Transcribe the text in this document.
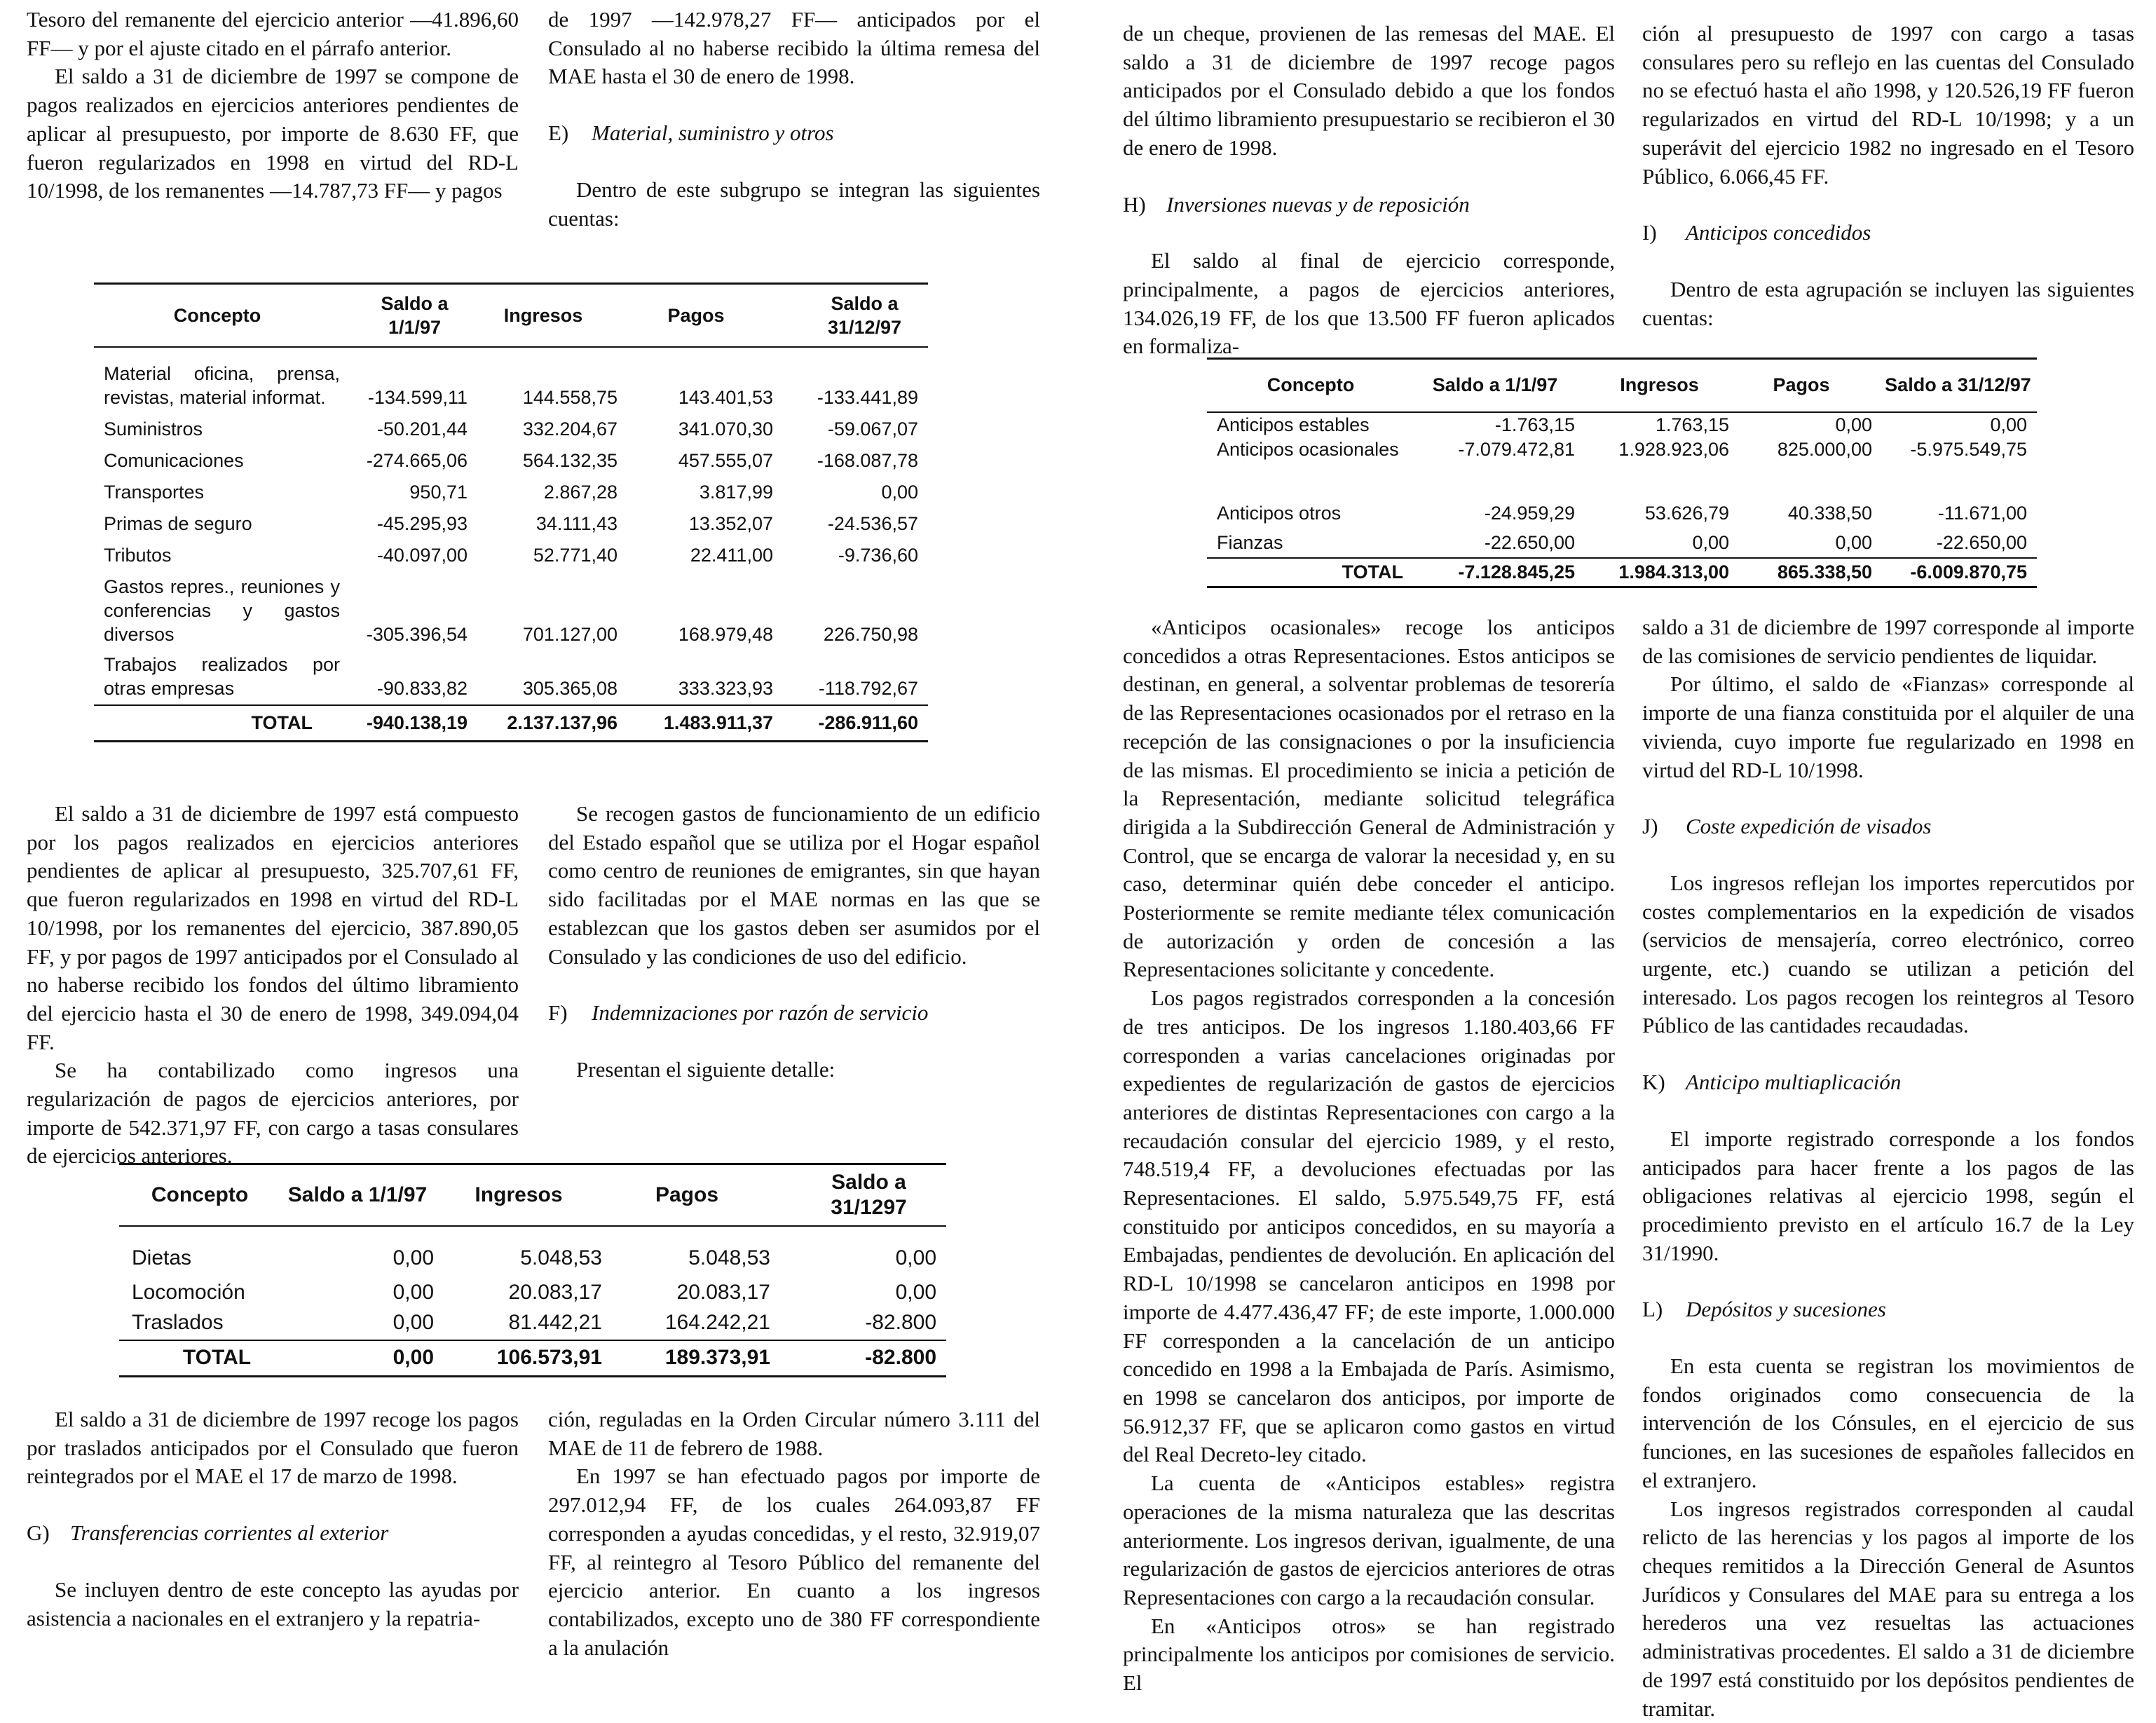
Tesoro del remanente del ejercicio anterior —41.896,60 FF— y por el ajuste citado en el párrafo anterior.

El saldo a 31 de diciembre de 1997 se compone de pagos realizados en ejercicios anteriores pendientes de aplicar al presupuesto, por importe de 8.630 FF, que fueron regularizados en 1998 en virtud del RD-L 10/1998, de los remanentes —14.787,73 FF— y pagos

de 1997 —142.978,27 FF— anticipados por el Consulado al no haberse recibido la última remesa del MAE hasta el 30 de enero de 1998.

E) Material, suministro y otros

Dentro de este subgrupo se integran las siguientes cuentas:

Concepto	Saldo a 1/1/97	Ingresos	Pagos	Saldo a 31/12/97

Material oficina, prensa, revistas, material informat.	-134.599,11	144.558,75	143.401,53	-133.441,89
Suministros	-50.201,44	332.204,67	341.070,30	-59.067,07
Comunicaciones	-274.665,06	564.132,35	457.555,07	-168.087,78
Transportes	950,71	2.867,28	3.817,99	0,00
Primas de seguro	-45.295,93	34.111,43	13.352,07	-24.536,57
Tributos	-40.097,00	52.771,40	22.411,00	-9.736,60
Gastos repres., reuniones y conferencias y gastos diversos	-305.396,54	701.127,00	168.979,48	226.750,98
Trabajos realizados por otras empresas	-90.833,82	305.365,08	333.323,93	-118.792,67
TOTAL	-940.138,19	2.137.137,96	1.483.911,37	-286.911,60

El saldo a 31 de diciembre de 1997 está compuesto por los pagos realizados en ejercicios anteriores pendientes de aplicar al presupuesto, 325.707,61 FF, que fueron regularizados en 1998 en virtud del RD-L 10/1998, por los remanentes del ejercicio, 387.890,05 FF, y por pagos de 1997 anticipados por el Consulado al no haberse recibido los fondos del último libramiento del ejercicio hasta el 30 de enero de 1998, 349.094,04 FF.

Se ha contabilizado como ingresos una regularización de pagos de ejercicios anteriores, por importe de 542.371,97 FF, con cargo a tasas consulares de ejercicios anteriores.

Se recogen gastos de funcionamiento de un edificio del Estado español que se utiliza por el Hogar español como centro de reuniones de emigrantes, sin que hayan sido facilitadas por el MAE normas en las que se establezcan que los gastos deben ser asumidos por el Consulado y las condiciones de uso del edificio.

F) Indemnizaciones por razón de servicio

Presentan el siguiente detalle:

Concepto	Saldo a 1/1/97	Ingresos	Pagos	Saldo a 31/1297

Dietas	0,00	5.048,53	5.048,53	0,00
Locomoción	0,00	20.083,17	20.083,17	0,00
Traslados	0,00	81.442,21	164.242,21	-82.800
TOTAL	0,00	106.573,91	189.373,91	-82.800

El saldo a 31 de diciembre de 1997 recoge los pagos por traslados anticipados por el Consulado que fueron reintegrados por el MAE el 17 de marzo de 1998.

G) Transferencias corrientes al exterior

Se incluyen dentro de este concepto las ayudas por asistencia a nacionales en el extranjero y la repatria-

ción, reguladas en la Orden Circular número 3.111 del MAE de 11 de febrero de 1988.

En 1997 se han efectuado pagos por importe de 297.012,94 FF, de los cuales 264.093,87 FF corresponden a ayudas concedidas, y el resto, 32.919,07 FF, al reintegro al Tesoro Público del remanente del ejercicio anterior. En cuanto a los ingresos contabilizados, excepto uno de 380 FF correspondiente a la anulación

de un cheque, provienen de las remesas del MAE. El saldo a 31 de diciembre de 1997 recoge pagos anticipados por el Consulado debido a que los fondos del último libramiento presupuestario se recibieron el 30 de enero de 1998.

H) Inversiones nuevas y de reposición

El saldo al final de ejercicio corresponde, principalmente, a pagos de ejercicios anteriores, 134.026,19 FF, de los que 13.500 FF fueron aplicados en formaliza-

ción al presupuesto de 1997 con cargo a tasas consulares pero su reflejo en las cuentas del Consulado no se efectuó hasta el año 1998, y 120.526,19 FF fueron regularizados en virtud del RD-L 10/1998; y a un superávit del ejercicio 1982 no ingresado en el Tesoro Público, 6.066,45 FF.

I) Anticipos concedidos

Dentro de esta agrupación se incluyen las siguientes cuentas:

Concepto	Saldo a 1/1/97	Ingresos	Pagos	Saldo a 31/12/97
Anticipos estables	-1.763,15	1.763,15	0,00	0,00
Anticipos ocasionales	-7.079.472,81	1.928.923,06	825.000,00	-5.975.549,75
Anticipos otros	-24.959,29	53.626,79	40.338,50	-11.671,00
Fianzas	-22.650,00	0,00	0,00	-22.650,00
TOTAL	-7.128.845,25	1.984.313,00	865.338,50	-6.009.870,75

«Anticipos ocasionales» recoge los anticipos concedidos a otras Representaciones. Estos anticipos se destinan, en general, a solventar problemas de tesorería de las Representaciones ocasionados por el retraso en la recepción de las consignaciones o por la insuficiencia de las mismas. El procedimiento se inicia a petición de la Representación, mediante solicitud telegráfica dirigida a la Subdirección General de Administración y Control, que se encarga de valorar la necesidad y, en su caso, determinar quién debe conceder el anticipo. Posteriormente se remite mediante télex comunicación de autorización y orden de concesión a las Representaciones solicitante y concedente.

Los pagos registrados corresponden a la concesión de tres anticipos. De los ingresos 1.180.403,66 FF corresponden a varias cancelaciones originadas por expedientes de regularización de gastos de ejercicios anteriores de distintas Representaciones con cargo a la recaudación consular del ejercicio 1989, y el resto, 748.519,4 FF, a devoluciones efectuadas por las Representaciones. El saldo, 5.975.549,75 FF, está constituido por anticipos concedidos, en su mayoría a Embajadas, pendientes de devolución. En aplicación del RD-L 10/1998 se cancelaron anticipos en 1998 por importe de 4.477.436,47 FF; de este importe, 1.000.000 FF corresponden a la cancelación de un anticipo concedido en 1998 a la Embajada de París. Asimismo, en 1998 se cancelaron dos anticipos, por importe de 56.912,37 FF, que se aplicaron como gastos en virtud del Real Decreto-ley citado.

La cuenta de «Anticipos estables» registra operaciones de la misma naturaleza que las descritas anteriormente. Los ingresos derivan, igualmente, de una regularización de gastos de ejercicios anteriores de otras Representaciones con cargo a la recaudación consular.

En «Anticipos otros» se han registrado principalmente los anticipos por comisiones de servicio. El

saldo a 31 de diciembre de 1997 corresponde al importe de las comisiones de servicio pendientes de liquidar.

Por último, el saldo de «Fianzas» corresponde al importe de una fianza constituida por el alquiler de una vivienda, cuyo importe fue regularizado en 1998 en virtud del RD-L 10/1998.

J) Coste expedición de visados

Los ingresos reflejan los importes repercutidos por costes complementarios en la expedición de visados (servicios de mensajería, correo electrónico, correo urgente, etc.) cuando se utilizan a petición del interesado. Los pagos recogen los reintegros al Tesoro Público de las cantidades recaudadas.

K) Anticipo multiaplicación

El importe registrado corresponde a los fondos anticipados para hacer frente a los pagos de las obligaciones relativas al ejercicio 1998, según el procedimiento previsto en el artículo 16.7 de la Ley 31/1990.

L) Depósitos y sucesiones

En esta cuenta se registran los movimientos de fondos originados como consecuencia de la intervención de los Cónsules, en el ejercicio de sus funciones, en las sucesiones de españoles fallecidos en el extranjero.

Los ingresos registrados corresponden al caudal relicto de las herencias y los pagos al importe de los cheques remitidos a la Dirección General de Asuntos Jurídicos y Consulares del MAE para su entrega a los herederos una vez resueltas las actuaciones administrativas procedentes. El saldo a 31 de diciembre de 1997 está constituido por los depósitos pendientes de tramitar.
